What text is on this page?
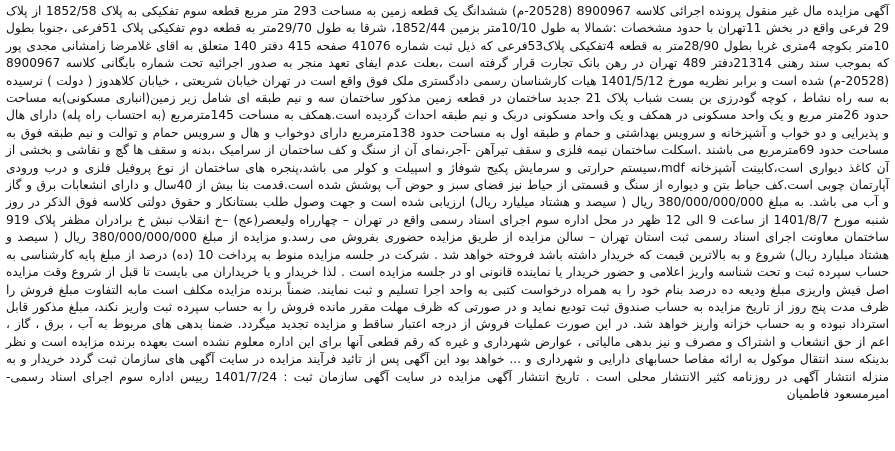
آگهی مزایده مال غیر منقول پرونده اجرائی کلاسه 8900967 (20528-م) ششدانگ یک قطعه زمین به مساحت 293 متر مربع قطعه سوم تفکیکی به پلاک 1852/58 از پلاک 29 فرعی واقع در بخش 11تهران با حدود مشخصات :شمالا به طول 10/10متر بزمین 1852/44، شرقا به طول 29/70متر به قطعه دوم تفکیکی پلاک 51فرعی ،جنوبا بطول 10متر بکوچه 4متری غربا بطول 28/90متر به قطعه 4تفکیکی پلاک53فرعی که ذیل ثبت شماره 41076 صفحه 415 دفتر 140 متعلق به اقای غلامرضا زامشانی مجدی پور که بموجب سند رهنی 21314دفتر 489 تهران در رهن بانک تجارت قرار گرفته است ،بعلت عدم ایفای تعهد منجر به صدور اجرائیه تحت شماره بایگانی کلاسه 8900967 (20528-م) شده است و برابر نظریه مورخ 1401/5/12 هیات کارشناسان رسمی دادگستری ملک فوق واقع است در تهران خیابان شریعتی ، خیابان کلاهدوز ( دولت ) نرسیده به سه راه نشاط ، کوچه گودرزی بن بست شباب پلاک 21 جدید ساختمان در قطعه زمین مذکور ساختمان سه و نیم طبقه ای شامل زیر زمین(انباری مسکونی)به مساحت حدود 26متر مربع و یک واحد مسکونی در همکف و یک واحد مسکونی دربک و نیم طبقه احداث گردیده است.همکف به مساحت 145مترمربع (به احتساب راه پله) دارای هال و پذیرایی و دو خواب و آشپزخانه و سرویس بهداشتی و حمام و طبقه اول به مساحت حدود 138مترمربع دارای دوخواب و هال و سرویس حمام و توالت و نیم طبقه فوق به مساحت حدود 69مترمربع می باشند .اسکلت ساختمان نیمه فلزی و سقف تیرآهن -آجر،نمای آن از سنگ و کف ساختمان از سرامیک ،بدنه و سقف ها گچ و نقاشی و بخشی از آن کاغذ دیواری است،کابینت آشپزخانه mdf،سیستم حرارتی و سرمایش پکیج شوفاژ و اسپیلت و کولر می باشد،پنجره های ساختمان از نوع پروفیل فلزی و درب ورودی آپارتمان چوبی است.کف حیاط بتن و دیواره از سنگ و قسمتی از حیاط نیز فضای سبز و حوض آب پوشش شده است.قدمت بنا بیش از 40سال و دارای انشعابات برق و گاز و آب می باشد. به مبلغ 380/000/000/000 ریال ( سیصد و هشتاد میلیارد ریال) ارزیابی شده است و جهت وصول طلب بستانکار و حقوق دولتی کلاسه فوق الذکر در روز شنبه مورخ 1401/8/7 از ساعت 9 الی 12 ظهر در محل اداره سوم اجرای اسناد رسمی واقع در تهران – چهارراه ولیعصر(عج) –خ انقلاب نبش خ برادران مظفر پلاک 919 ساختمان معاونت اجرای اسناد رسمی ثبت استان تهران – سالن مزایده از طریق مزایده حضوری بفروش می رسد.و مزایده از مبلغ 380/000/000/000 ریال ( سیصد و هشتاد میلیارد ریال) شروع و به بالاترین قیمت که خریدار داشته باشد فروخته خواهد شد . شرکت در جلسه مزایده منوط به پرداخت 10 (ده) درصد از مبلغ پایه کارشناسی به حساب سپرده ثبت و تحت شناسه واریز اعلامی و حضور خریدار یا نماینده قانونی او در جلسه مزایده است . لذا خریدار و یا خریداران می بایست تا قبل از شروع وقت مزایده اصل فیش واریزی مبلغ ودیعه ده درصد بنام خود را به همراه درخواست کتبی به واحد اجرا تسلیم و ثبت نمایند. ضمناً برنده مزایده مکلف است مابه التفاوت مبلغ فروش را ظرف مدت پنج روز از تاریخ مزایده به حساب صندوق ثبت توديع نمايد و در صورتی که ظرف مهلت مقرر مانده فروش را به حساب سپرده ثبت واریز نکند، مبلغ مذکور قابل استرداد نبوده و به حساب خزانه واریز خواهد شد. در این صورت عملیات فروش از درجه اعتبار ساقط و مزایده تجدید میگردد. ضمنا بدهی های مربوط به آب ، برق ، گاز ، اعم از حق انشعاب و اشتراک و مصرف و نیز بدهی مالیاتی ، عوارض شهرداری و غیره که رقم قطعی آنها برای این اداره معلوم نشده است بعهده برنده مزایده است و نظر بدینکه سند انتقال موکول به ارائه مفاصا حسابهای دارایی و شهرداری و ... خواهد بود این آگهی پس از تائید فرآیند مزایده در سایت آگهی های سازمان ثبت گردد خریدار و به منزله انتشار آگهی در روزنامه کثیر الانتشار محلی است . تاریخ انتشار آگهی مزایده در سایت آگهی سازمان ثبت : 1401/7/24 رییس اداره سوم اجرای اسناد رسمی- امیرمسعود فاطمیان
